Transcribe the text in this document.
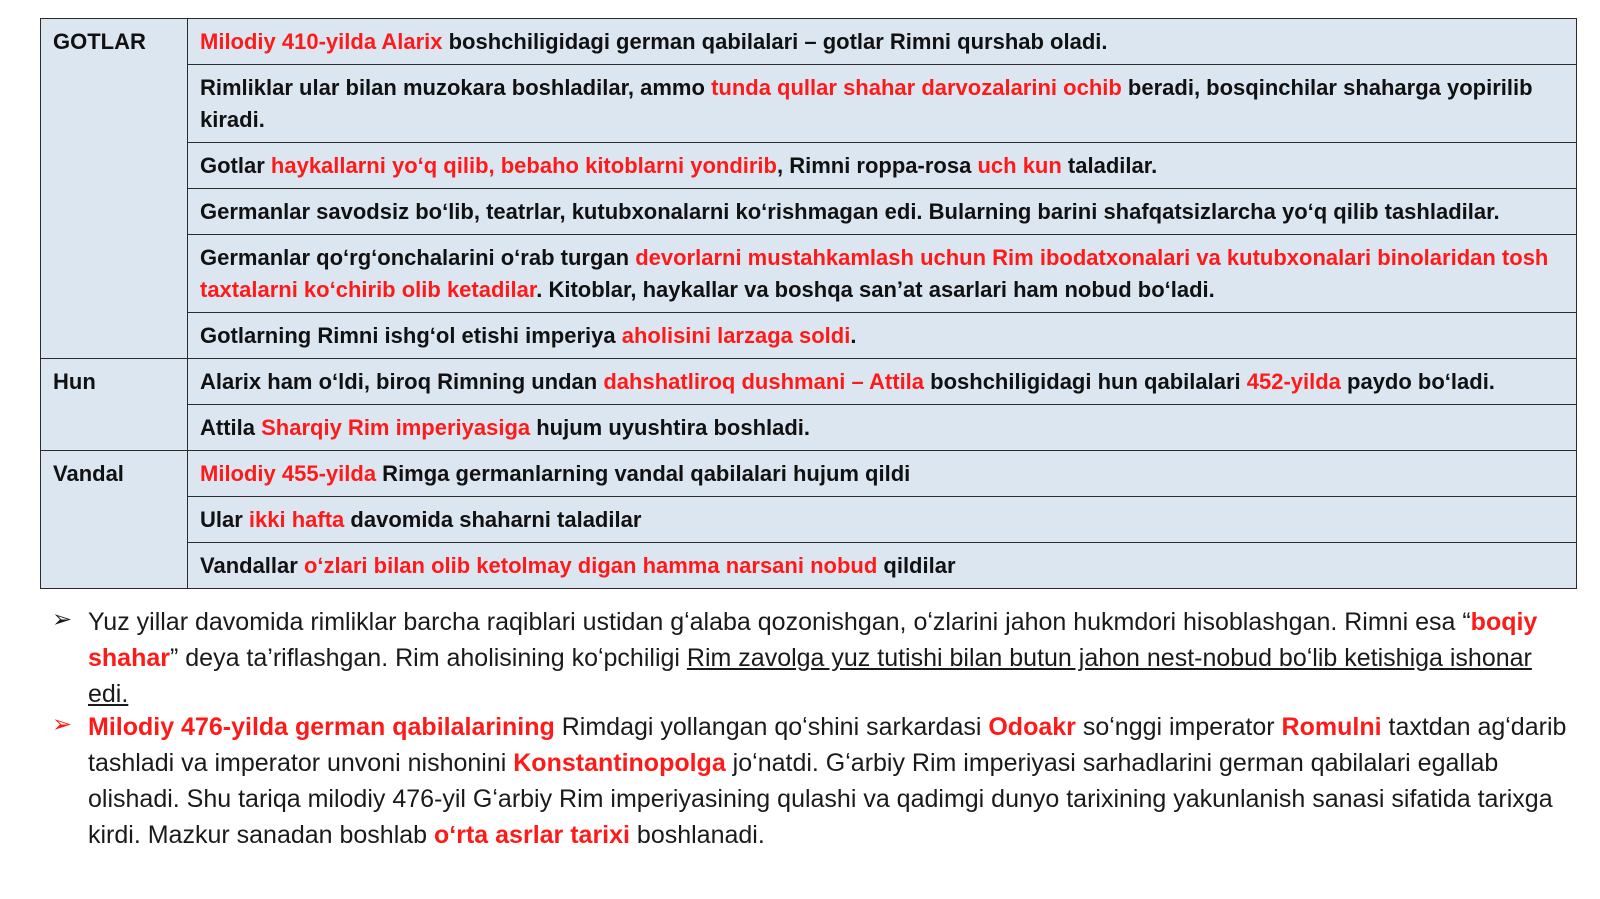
GOTLAR	Milodiy 410-yilda Alarix boshchiligidagi german qabilalari – gotlar Rimni qurshab oladi.
	Rimliklar ular bilan muzokara boshladilar, ammo tunda qullar shahar darvozalarini ochib beradi, bosqinchilar shaharga yopirilib kiradi.
	Gotlar haykallarni yoʻq qilib, bebaho kitoblarni yondirib, Rimni roppa-rosa uch kun taladilar.
	Germanlar savodsiz boʻlib, teatrlar, kutubxonalarni koʻrishmagan edi. Bularning barini shafqatsizlarcha yoʻq qilib tashladilar.
	Germanlar qoʻrgʻonchalarini oʻrab turgan devorlarni mustahkamlash uchun Rim ibodatxonalari va kutubxonalari binolaridan tosh taxtalarni koʻchirib olib ketadilar. Kitoblar, haykallar va boshqa san’at asarlari ham nobud boʻladi.
	Gotlarning Rimni ishgʻol etishi imperiya aholisini larzaga soldi.
Hun	Alarix ham oʻldi, biroq Rimning undan dahshatliroq dushmani – Attila boshchiligidagi hun qabilalari 452-yilda paydo boʻladi.
	Attila Sharqiy Rim imperiyasiga hujum uyushtira boshladi.
Vandal	Milodiy 455-yilda Rimga germanlarning vandal qabilalari hujum qildi
	Ular ikki hafta davomida shaharni taladilar
	Vandallar oʻzlari bilan olib ketolmay digan hamma narsani nobud qildilar
➢ Yuz yillar davomida rimliklar barcha raqiblari ustidan gʻalaba qozonishgan, oʻzlarini jahon hukmdori hisoblashgan. Rimni esa “boqiy shahar” deya ta’riflashgan. Rim aholisining koʻpchiligi Rim zavolga yuz tutishi bilan butun jahon nest-nobud boʻlib ketishiga ishonar edi.
➢ Milodiy 476-yilda german qabilalarining Rimdagi yollangan qoʻshini sarkardasi Odoakr soʻnggi imperator Romulni taxtdan agʻdarib tashladi va imperator unvoni nishonini Konstantinopolga joʻnatdi. Gʻarbiy Rim imperiyasi sarhadlarini german qabilalari egallab olishadi. Shu tariqa milodiy 476-yil Gʻarbiy Rim imperiyasining qulashi va qadimgi dunyo tarixining yakunlanish sanasi sifatida tarixga kirdi. Mazkur sanadan boshlab oʻrta asrlar tarixi boshlanadi.
